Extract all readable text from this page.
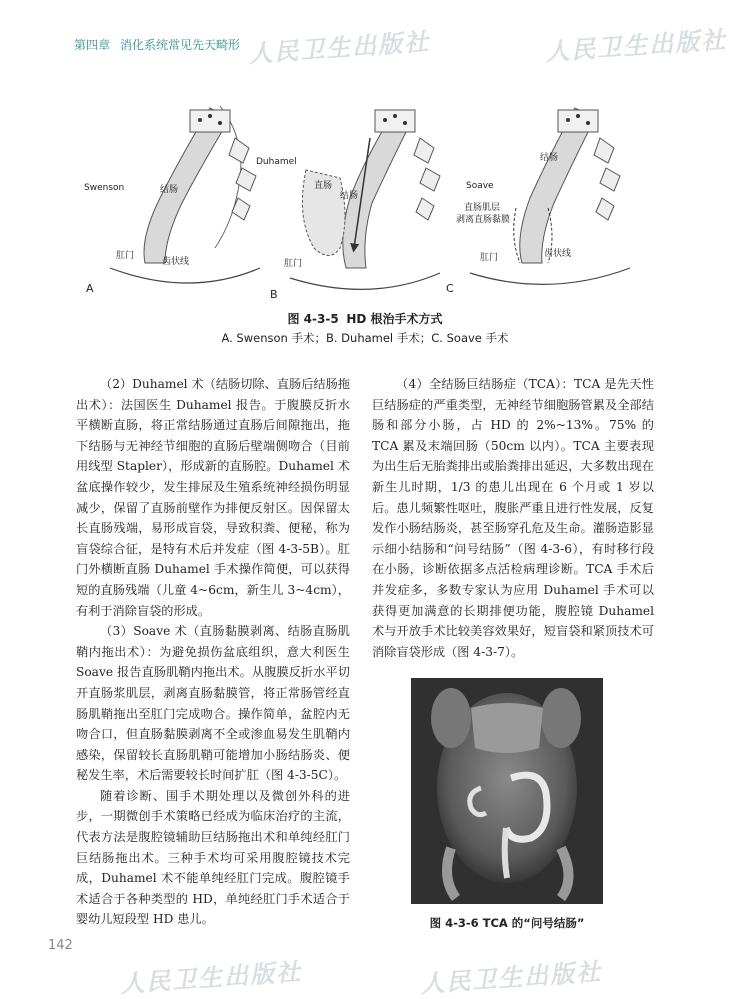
第四章 消化系统常见先天畸形 人民卫生出版社	人民卫生出版社
人民卫生出版社
人民卫生出版社
Swenson	结肠
肛门
齿状线
A
Duhamel
直肠
结肠
肛门
B
Soave
结肠
直肠肌层
剥离直肠黏膜
肛门	齿状线
C
图 4-3-5 HD 根治手术方式
A. Swenson 手术；B. Duhamel 手术；C. Soave 手术

（2）Duhamel 术（结肠切除、直肠后结肠拖出术）：法国医生 Duhamel 报告。于腹膜反折水平横断直肠，将正常结肠通过直肠后间隙拖出，拖下结肠与无神经节细胞的直肠后壁端侧吻合（目前用线型 Stapler），形成新的直肠腔。Duhamel 术盆底操作较少，发生排尿及生殖系统神经损伤明显减少，保留了直肠前壁作为排便反射区。因保留太长直肠残端，易形成盲袋，导致积粪、便秘，称为盲袋综合征，是特有术后并发症（图 4-3-5B）。肛门外横断直肠 Duhamel 手术操作简便，可以获得短的直肠残端（儿童 4~6cm，新生儿 3~4cm），有利于消除盲袋的形成。

（3）Soave 术（直肠黏膜剥离、结肠直肠肌鞘内拖出术）：为避免损伤盆底组织，意大利医生 Soave 报告直肠肌鞘内拖出术。从腹膜反折水平切开直肠浆肌层，剥离直肠黏膜管，将正常肠管经直肠肌鞘拖出至肛门完成吻合。操作简单，盆腔内无吻合口，但直肠黏膜剥离不全或渗血易发生肌鞘内感染，保留较长直肠肌鞘可能增加小肠结肠炎、便秘发生率，术后需要较长时间扩肛（图 4-3-5C）。

随着诊断、围手术期处理以及微创外科的进步，一期微创手术策略已经成为临床治疗的主流，代表方法是腹腔镜辅助巨结肠拖出术和单纯经肛门巨结肠拖出术。三种手术均可采用腹腔镜技术完成，Duhamel 术不能单纯经肛门完成。腹腔镜手术适合于各种类型的 HD，单纯经肛门手术适合于婴幼儿短段型 HD 患儿。

（4）全结肠巨结肠症（TCA）：TCA 是先天性巨结肠症的严重类型，无神经节细胞肠管累及全部结肠和部分小肠，占 HD 的 2%~13%。75% 的 TCA 累及末端回肠（50cm 以内）。TCA 主要表现为出生后无胎粪排出或胎粪排出延迟，大多数出现在新生儿时期，1/3 的患儿出现在 6 个月或 1 岁以后。患儿频繁性呕吐，腹胀严重且进行性发展，反复发作小肠结肠炎，甚至肠穿孔危及生命。灌肠造影显示细小结肠和“问号结肠”（图 4-3-6），有时移行段在小肠，诊断依据多点活检病理诊断。TCA 手术后并发症多，多数专家认为应用 Duhamel 手术可以获得更加满意的长期排便功能，腹腔镜 Duhamel 术与开放手术比较美容效果好，短盲袋和紧顶技术可消除盲袋形成（图 4-3-7）。

图 4-3-6 TCA 的“问号结肠”
142
